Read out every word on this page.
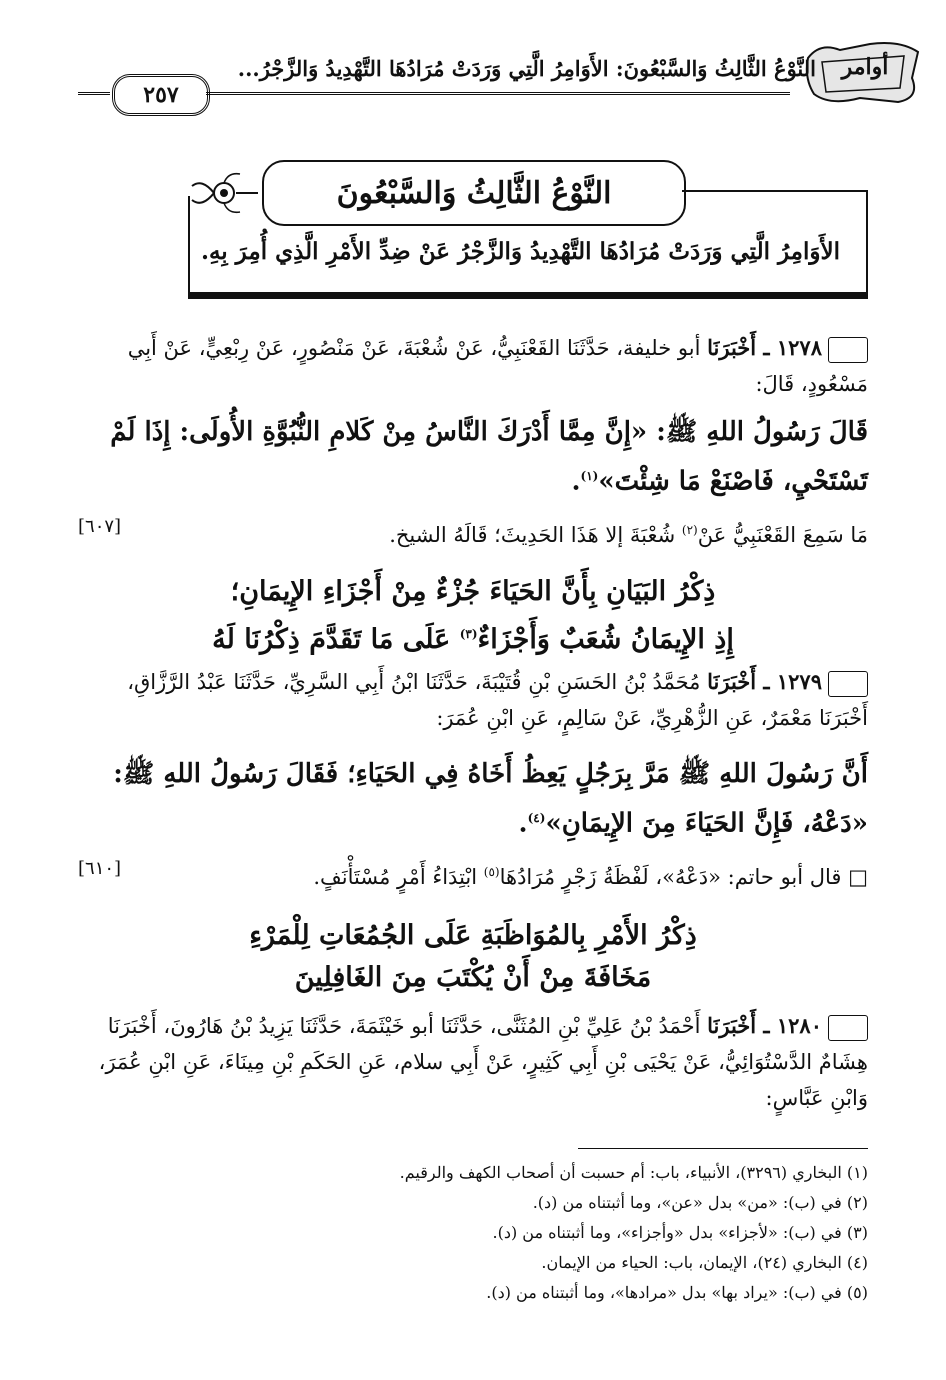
أوامر
النَّوْعُ الثَّالِثُ وَالسَّبْعُونَ: الأَوَامِرُ الَّتِي وَرَدَتْ مُرَادُهَا التَّهْدِيدُ وَالزَّجْرُ...
٢٥٧
النَّوْعُ الثَّالِثُ وَالسَّبْعُونَ
الأَوَامِرُ الَّتِي وَرَدَتْ مُرَادُهَا التَّهْدِيدُ وَالزَّجْرُ عَنْ ضِدِّ الأَمْرِ الَّذِي أُمِرَ بِهِ.
١٢٧٨ ـ أَخْبَرَنَا أبو خليفة، حَدَّثَنَا القَعْنَبِيُّ، عَنْ شُعْبَةَ، عَنْ مَنْصُورٍ، عَنْ رِبْعِيٍّ، عَنْ أَبِي مَسْعُودٍ، قَالَ:
قَالَ رَسُولُ اللهِ ﷺ: «إِنَّ مِمَّا أَدْرَكَ النَّاسُ مِنْ كَلامِ النُّبُوَّةِ الأُولَى: إِذَا لَمْ تَسْتَحْيِ، فَاصْنَعْ مَا شِئْتَ»$^{(١)}$.
مَا سَمِعَ القَعْنَبِيُّ عَنْ$^{(٢)}$ شُعْبَةَ إلا هَذَا الحَدِيثَ؛ قَالَهُ الشيخ.
[٦٠٧]
ذِكْرُ البَيَانِ بِأَنَّ الحَيَاءَ جُزْءٌ مِنْ أَجْزَاءِ الإِيمَانِ؛
إِذِ الإِيمَانُ شُعَبٌ وَأَجْزَاءٌ$^{(٣)}$ عَلَى مَا تَقَدَّمَ ذِكْرُنَا لَهُ
١٢٧٩ ـ أَخْبَرَنَا مُحَمَّدُ بْنُ الحَسَنِ بْنِ قُتَيْبَةَ، حَدَّثَنَا ابْنُ أَبِي السَّرِيِّ، حَدَّثَنَا عَبْدُ الرَّزَّاقِ، أَخْبَرَنَا مَعْمَرٌ، عَنِ الزُّهْرِيِّ، عَنْ سَالِمٍ، عَنِ ابْنِ عُمَرَ:
أَنَّ رَسُولَ اللهِ ﷺ مَرَّ بِرَجُلٍ يَعِظُ أَخَاهُ فِي الحَيَاءِ؛ فَقَالَ رَسُولُ اللهِ ﷺ: «دَعْهُ، فَإِنَّ الحَيَاءَ مِنَ الإِيمَانِ»$^{(٤)}$.
□ قال أبو حاتم: «دَعْهُ»، لَفْظَةُ زَجْرٍ مُرَادُهَا$^{(٥)}$ ابْتِدَاءُ أَمْرٍ مُسْتَأْنَفٍ.
[٦١٠]
ذِكْرُ الأَمْرِ بِالمُوَاظَبَةِ عَلَى الجُمُعَاتِ لِلْمَرْءِ
مَخَافَةَ مِنْ أَنْ يُكْتَبَ مِنَ الغَافِلِينَ
١٢٨٠ ـ أَخْبَرَنَا أَحْمَدُ بْنُ عَلِيِّ بْنِ المُثَنَّى، حَدَّثَنَا أبو خَيْثَمَةَ، حَدَّثَنَا يَزِيدُ بْنُ هَارُونَ، أَخْبَرَنَا هِشَامٌ الدَّسْتُوَائِيُّ، عَنْ يَحْيَى بْنِ أَبِي كَثِيرٍ، عَنْ أَبِي سلام، عَنِ الحَكَمِ بْنِ مِينَاءَ، عَنِ ابْنِ عُمَرَ، وَابْنِ عَبَّاسٍ:
(١) البخاري (٣٢٩٦)، الأنبياء، باب: أم حسبت أن أصحاب الكهف والرقيم.
(٢) في (ب): «من» بدل «عن»، وما أثبتناه من (د).
(٣) في (ب): «لأجزاء» بدل «وأجزاء»، وما أثبتناه من (د).
(٤) البخاري (٢٤)، الإيمان، باب: الحياء من الإيمان.
(٥) في (ب): «يراد بها» بدل «مرادها»، وما أثبتناه من (د).
